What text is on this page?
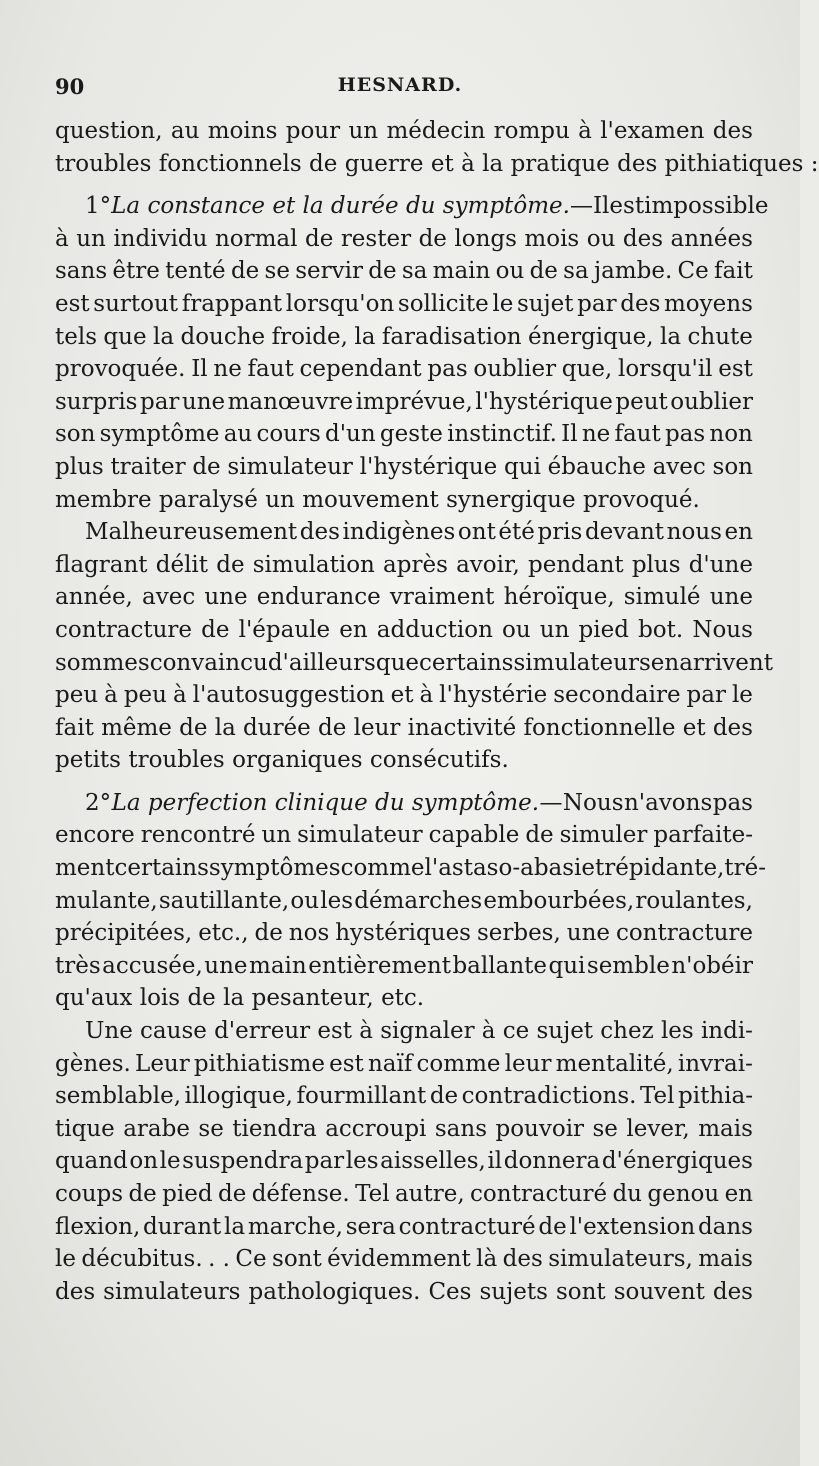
90	HESNARD.
question, au moins pour un médecin rompu à l'examen des
troubles fonctionnels de guerre et à la pratique des pithiatiques :
1° La constance et la durée du symptôme. — Il est impossible
à un individu normal de rester de longs mois ou des années
sans être tenté de se servir de sa main ou de sa jambe. Ce fait
est surtout frappant lorsqu'on sollicite le sujet par des moyens
tels que la douche froide, la faradisation énergique, la chute
provoquée. Il ne faut cependant pas oublier que, lorsqu'il est
surpris par une manœuvre imprévue, l'hystérique peut oublier
son symptôme au cours d'un geste instinctif. Il ne faut pas non
plus traiter de simulateur l'hystérique qui ébauche avec son
membre paralysé un mouvement synergique provoqué.
Malheureusement des indigènes ont été pris devant nous en
flagrant délit de simulation après avoir, pendant plus d'une
année, avec une endurance vraiment héroïque, simulé une
contracture de l'épaule en adduction ou un pied bot. Nous
sommes convaincu d'ailleurs que certains simulateurs en arrivent
peu à peu à l'autosuggestion et à l'hystérie secondaire par le
fait même de la durée de leur inactivité fonctionnelle et des
petits troubles organiques consécutifs.
2° La perfection clinique du symptôme. — Nous n'avons pas
encore rencontré un simulateur capable de simuler parfaite-
ment certains symptômes comme l'astaso-abasie trépidante, tré-
mulante, sautillante, ou les démarches embourbées, roulantes,
précipitées, etc., de nos hystériques serbes, une contracture
très accusée, une main entièrement ballante qui semble n'obéir
qu'aux lois de la pesanteur, etc.
Une cause d'erreur est à signaler à ce sujet chez les indi-
gènes. Leur pithiatisme est naïf comme leur mentalité, invrai-
semblable, illogique, fourmillant de contradictions. Tel pithia-
tique arabe se tiendra accroupi sans pouvoir se lever, mais
quand on le suspendra par les aisselles, il donnera d'énergiques
coups de pied de défense. Tel autre, contracturé du genou en
flexion, durant la marche, sera contracturé de l'extension dans
le décubitus. . . Ce sont évidemment là des simulateurs, mais
des simulateurs pathologiques. Ces sujets sont souvent des
